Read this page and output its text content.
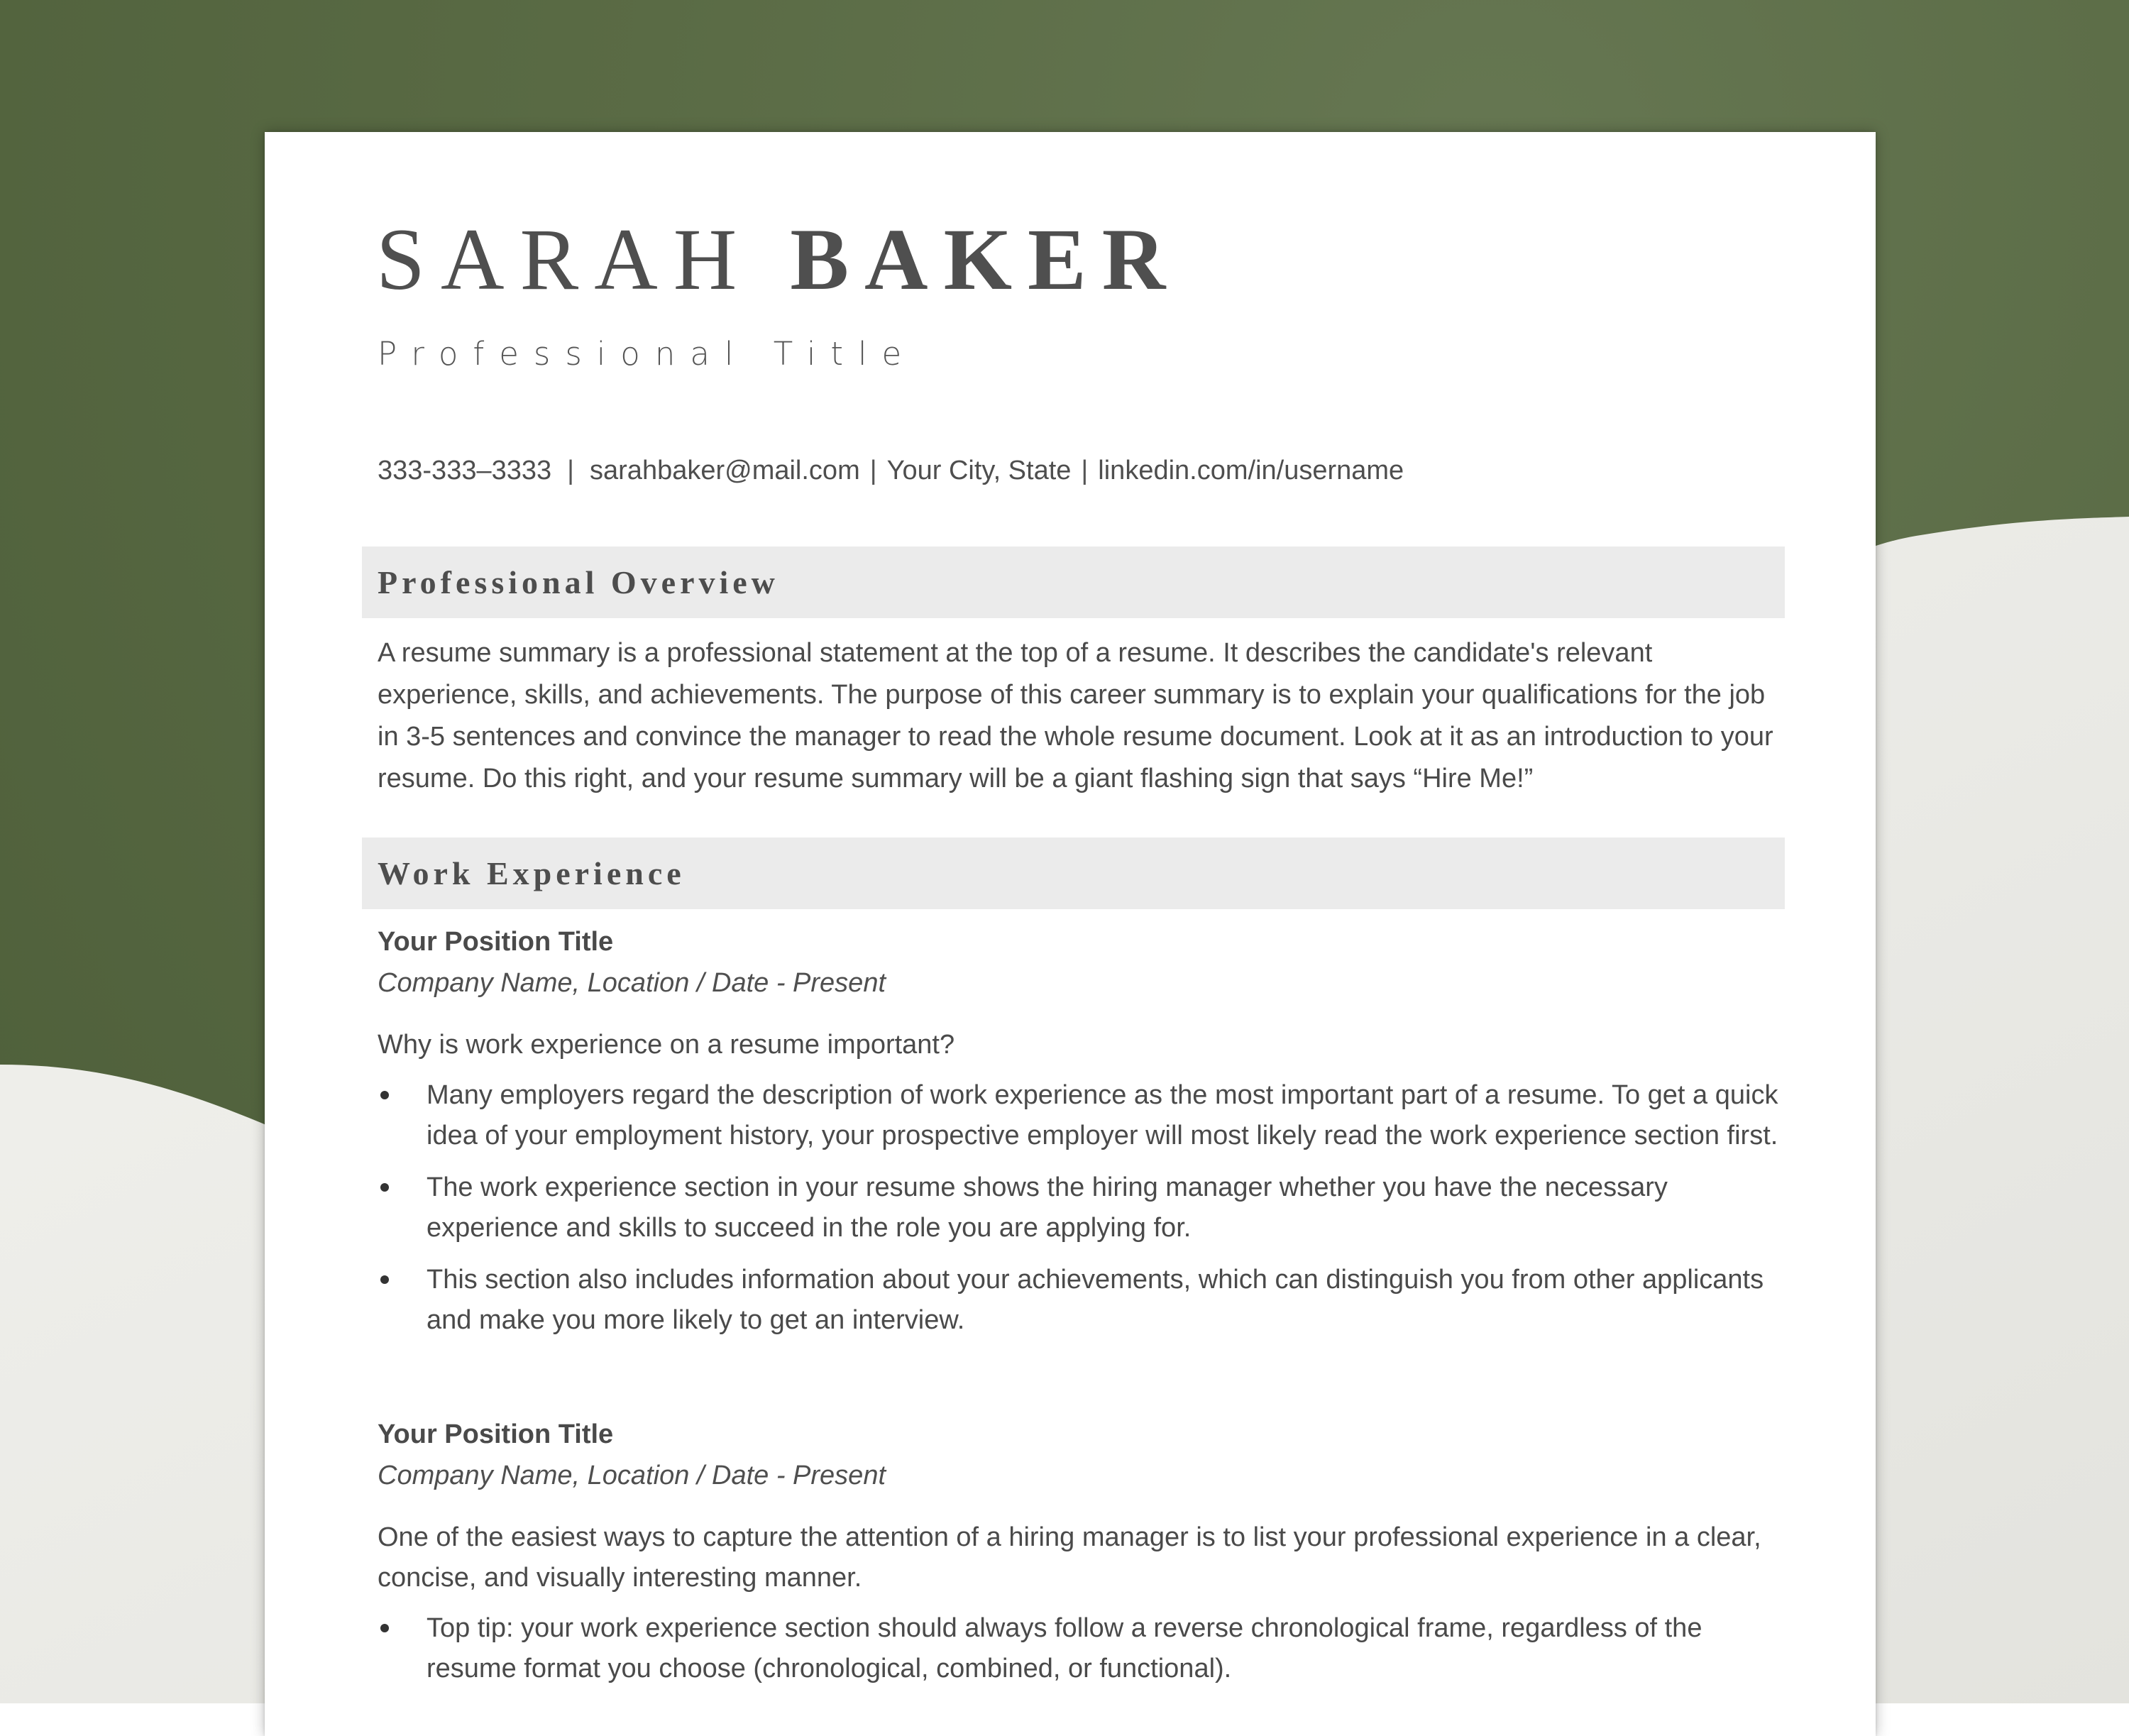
SARAH BAKER
Professional Title
333-333–3333 | sarahbaker@mail.com | Your City, State | linkedin.com/in/username
Professional Overview

A resume summary is a professional statement at the top of a resume. It describes the candidate's relevant experience, skills, and achievements. The purpose of this career summary is to explain your qualifications for the job in 3-5 sentences and convince the manager to read the whole resume document. Look at it as an introduction to your resume. Do this right, and your resume summary will be a giant flashing sign that says “Hire Me!”

Work Experience
Your Position Title
Company Name, Location / Date - Present
Why is work experience on a resume important?
Many employers regard the description of work experience as the most important part of a resume. To get a quick idea of your employment history, your prospective employer will most likely read the work experience section first.
The work experience section in your resume shows the hiring manager whether you have the necessary experience and skills to succeed in the role you are applying for.
This section also includes information about your achievements, which can distinguish you from other applicants and make you more likely to get an interview.
Your Position Title
Company Name, Location / Date - Present
One of the easiest ways to capture the attention of a hiring manager is to list your professional experience in a clear, concise, and visually interesting manner.
Top tip: your work experience section should always follow a reverse chronological frame, regardless of the resume format you choose (chronological, combined, or functional).
